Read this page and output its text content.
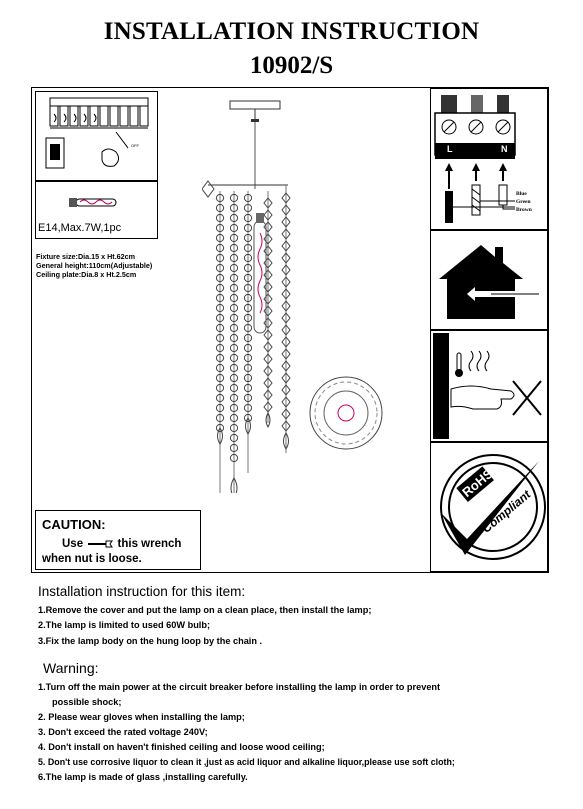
INSTALLATION INSTRUCTION
10902/S
OFF
E14,Max.7W,1pc
Fixture size:Dia.15 x Ht.62cm
General height:110cm(Adjustable)
Ceiling plate:Dia.8 x Ht.2.5cm
L	N
Blue
Green
Brown
RoHS
Compliant
CAUTION:
Use	this wrench
when nut is loose.
Installation instruction for this item:
1.Remove the cover and put the lamp on a clean place, then install the lamp;
2.The lamp is limited to used 60W bulb;
3.Fix the lamp body on the hung loop by the chain .
Warning:
1.Turn off the main power at the circuit breaker before installing the lamp in order to prevent
possible shock;
2. Please wear gloves when installing the lamp;
3. Don't exceed the rated voltage 240V;
4. Don't install on haven't finished ceiling and loose wood ceiling;
5. Don't use corrosive liquor to clean it ,just as acid liquor and alkaline liquor,please use soft cloth;
6.The lamp is made of glass ,installing carefully.
